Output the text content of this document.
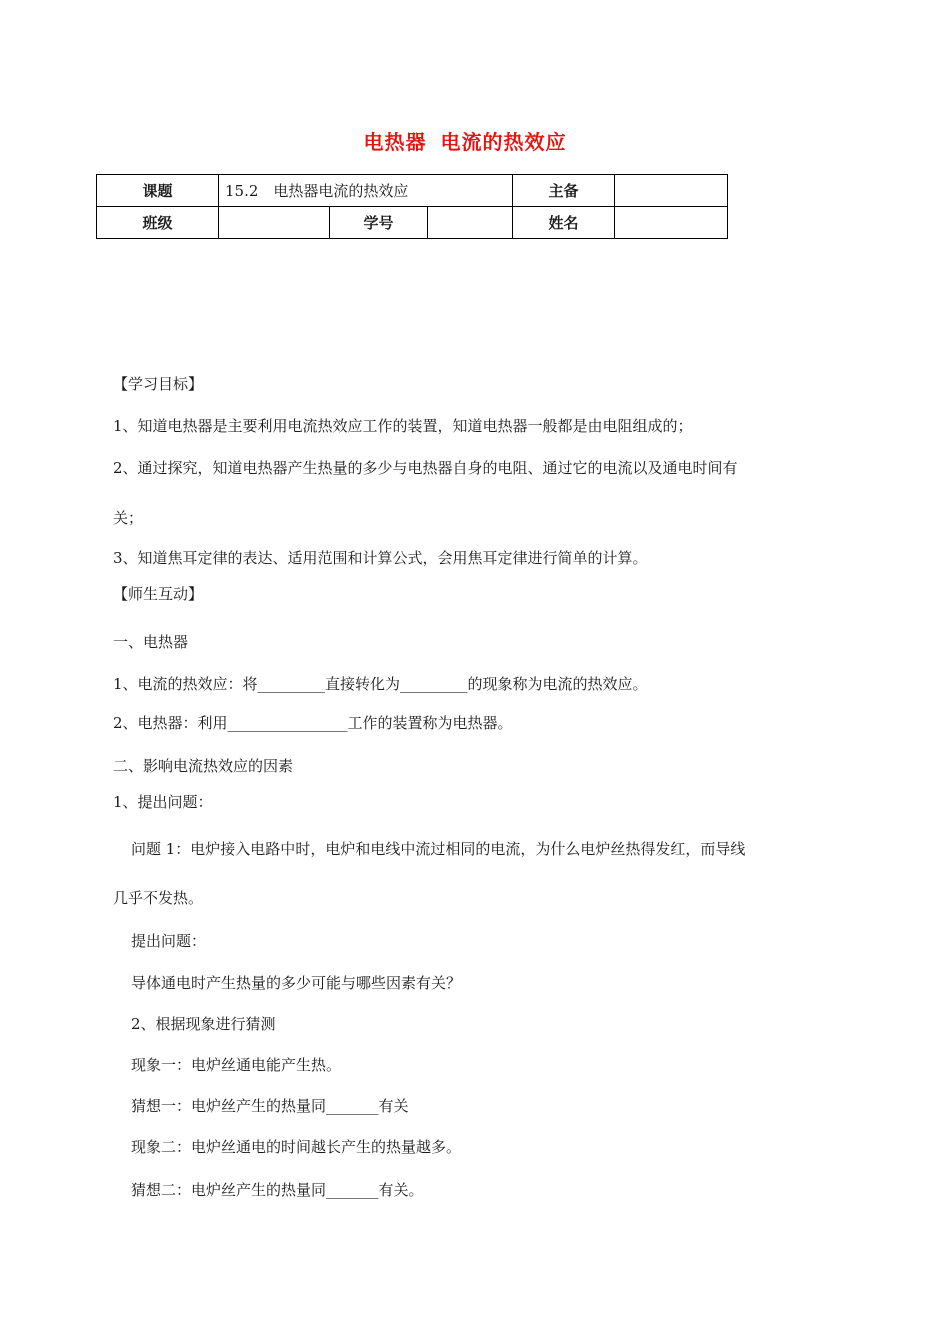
电热器 电流的热效应
课题	15.2　电热器电流的热效应			主备	
班级		学号		姓名	
【学习目标】
1、知道电热器是主要利用电流热效应工作的装置，知道电热器一般都是由电阻组成的；
2、通过探究，知道电热器产生热量的多少与电热器自身的电阻、通过它的电流以及通电时间有
关；
3、知道焦耳定律的表达、适用范围和计算公式，会用焦耳定律进行简单的计算。
【师生互动】
一、电热器
1、电流的热效应：将_________直接转化为_________的现象称为电流的热效应。
2、电热器：利用________________工作的装置称为电热器。
二、影响电流热效应的因素
1、提出问题：
问题 1：电炉接入电路中时，电炉和电线中流过相同的电流，为什么电炉丝热得发红，而导线
几乎不发热。
提出问题：
导体通电时产生热量的多少可能与哪些因素有关？
2、根据现象进行猜测
现象一：电炉丝通电能产生热。
猜想一：电炉丝产生的热量同_______有关
现象二：电炉丝通电的时间越长产生的热量越多。
猜想二：电炉丝产生的热量同_______有关。
